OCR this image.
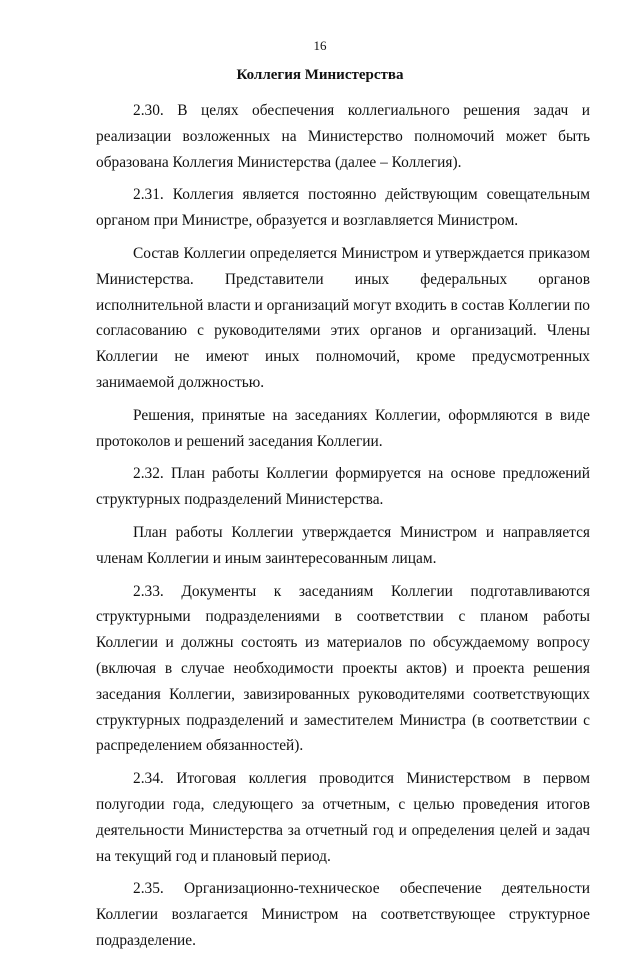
16
Коллегия Министерства

2.30. В целях обеспечения коллегиального решения задач и реализации возложенных на Министерство полномочий может быть образована Коллегия Министерства (далее – Коллегия).

2.31. Коллегия является постоянно действующим совещательным органом при Министре, образуется и возглавляется Министром.

Состав Коллегии определяется Министром и утверждается приказом Министерства. Представители иных федеральных органов исполнительной власти и организаций могут входить в состав Коллегии по согласованию с руководителями этих органов и организаций. Члены Коллегии не имеют иных полномочий, кроме предусмотренных занимаемой должностью.

Решения, принятые на заседаниях Коллегии, оформляются в виде протоколов и решений заседания Коллегии.

2.32. План работы Коллегии формируется на основе предложений структурных подразделений Министерства.

План работы Коллегии утверждается Министром и направляется членам Коллегии и иным заинтересованным лицам.

2.33. Документы к заседаниям Коллегии подготавливаются структурными подразделениями в соответствии с планом работы Коллегии и должны состоять из материалов по обсуждаемому вопросу (включая в случае необходимости проекты актов) и проекта решения заседания Коллегии, завизированных руководителями соответствующих структурных подразделений и заместителем Министра (в соответствии с распределением обязанностей).

2.34. Итоговая коллегия проводится Министерством в первом полугодии года, следующего за отчетным, с целью проведения итогов деятельности Министерства за отчетный год и определения целей и задач на текущий год и плановый период.

2.35. Организационно-техническое обеспечение деятельности Коллегии возлагается Министром на соответствующее структурное подразделение.
